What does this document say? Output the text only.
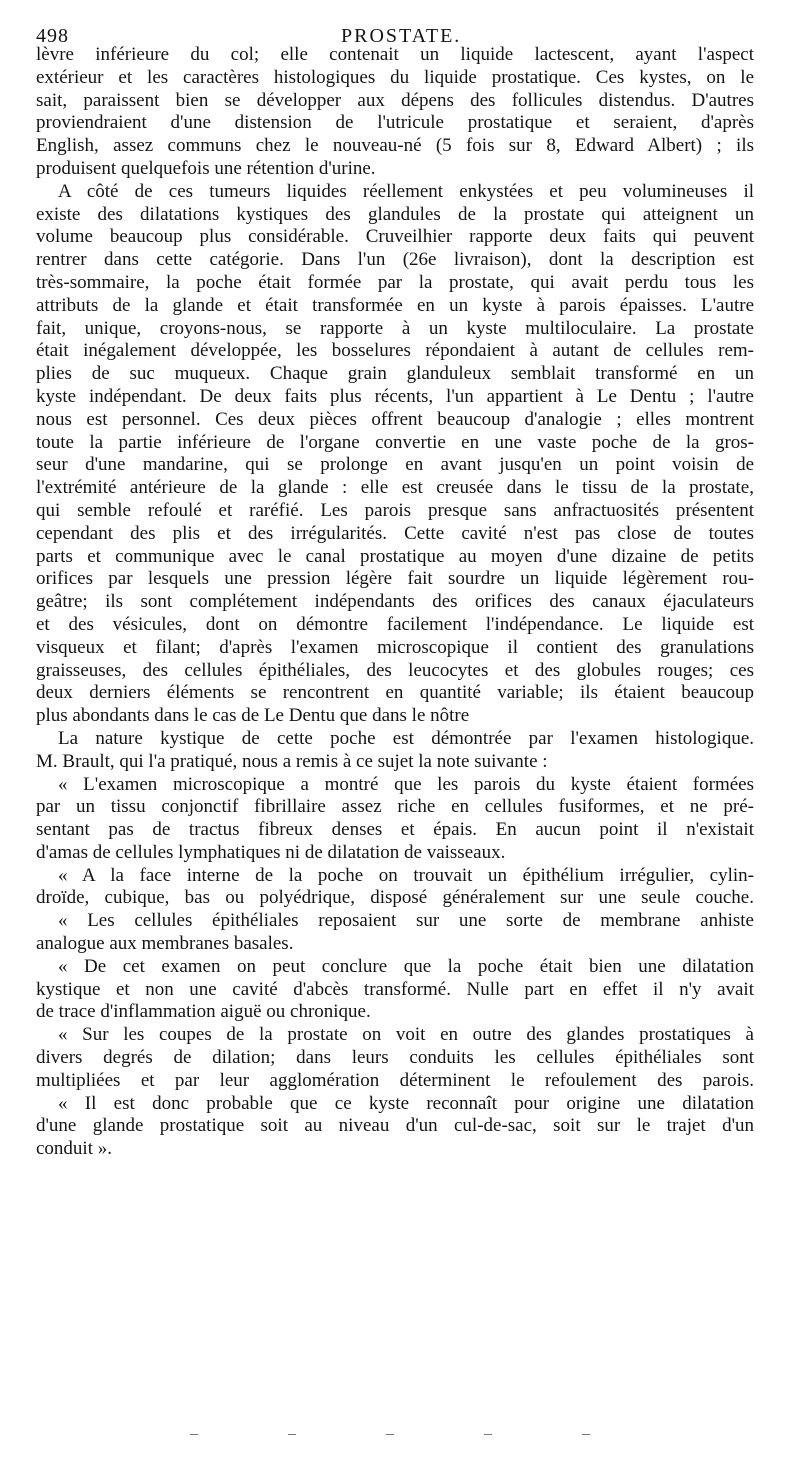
498	PROSTATE.
lèvre inférieure du col; elle contenait un liquide lactescent, ayant l'aspect
extérieur et les caractères histologiques du liquide prostatique. Ces kystes, on le
sait, paraissent bien se développer aux dépens des follicules distendus. D'autres
proviendraient d'une distension de l'utricule prostatique et seraient, d'après
English, assez communs chez le nouveau-né (5 fois sur 8, Edward Albert) ; ils
produisent quelquefois une rétention d'urine.
A côté de ces tumeurs liquides réellement enkystées et peu volumineuses il
existe des dilatations kystiques des glandules de la prostate qui atteignent un
volume beaucoup plus considérable. Cruveilhier rapporte deux faits qui peuvent
rentrer dans cette catégorie. Dans l'un (26e livraison), dont la description est
très-sommaire, la poche était formée par la prostate, qui avait perdu tous les
attributs de la glande et était transformée en un kyste à parois épaisses. L'autre
fait, unique, croyons-nous, se rapporte à un kyste multiloculaire. La prostate
était inégalement développée, les bosselures répondaient à autant de cellules rem-
plies de suc muqueux. Chaque grain glanduleux semblait transformé en un
kyste indépendant. De deux faits plus récents, l'un appartient à Le Dentu ; l'autre
nous est personnel. Ces deux pièces offrent beaucoup d'analogie ; elles montrent
toute la partie inférieure de l'organe convertie en une vaste poche de la gros-
seur d'une mandarine, qui se prolonge en avant jusqu'en un point voisin de
l'extrémité antérieure de la glande : elle est creusée dans le tissu de la prostate,
qui semble refoulé et raréfié. Les parois presque sans anfractuosités présentent
cependant des plis et des irrégularités. Cette cavité n'est pas close de toutes
parts et communique avec le canal prostatique au moyen d'une dizaine de petits
orifices par lesquels une pression légère fait sourdre un liquide légèrement rou-
geâtre; ils sont complétement indépendants des orifices des canaux éjaculateurs
et des vésicules, dont on démontre facilement l'indépendance. Le liquide est
visqueux et filant; d'après l'examen microscopique il contient des granulations
graisseuses, des cellules épithéliales, des leucocytes et des globules rouges; ces
deux derniers éléments se rencontrent en quantité variable; ils étaient beaucoup
plus abondants dans le cas de Le Dentu que dans le nôtre
La nature kystique de cette poche est démontrée par l'examen histologique.
M. Brault, qui l'a pratiqué, nous a remis à ce sujet la note suivante :
« L'examen microscopique a montré que les parois du kyste étaient formées
par un tissu conjonctif fibrillaire assez riche en cellules fusiformes, et ne pré-
sentant pas de tractus fibreux denses et épais. En aucun point il n'existait
d'amas de cellules lymphatiques ni de dilatation de vaisseaux.
« A la face interne de la poche on trouvait un épithélium irrégulier, cylin-
droïde, cubique, bas ou polyédrique, disposé généralement sur une seule couche.
« Les cellules épithéliales reposaient sur une sorte de membrane anhiste
analogue aux membranes basales.
« De cet examen on peut conclure que la poche était bien une dilatation
kystique et non une cavité d'abcès transformé. Nulle part en effet il n'y avait
de trace d'inflammation aiguë ou chronique.
« Sur les coupes de la prostate on voit en outre des glandes prostatiques à
divers degrés de dilation; dans leurs conduits les cellules épithéliales sont
multipliées et par leur agglomération déterminent le refoulement des parois.
« Il est donc probable que ce kyste reconnaît pour origine une dilatation
d'une glande prostatique soit au niveau d'un cul-de-sac, soit sur le trajet d'un
conduit ».
